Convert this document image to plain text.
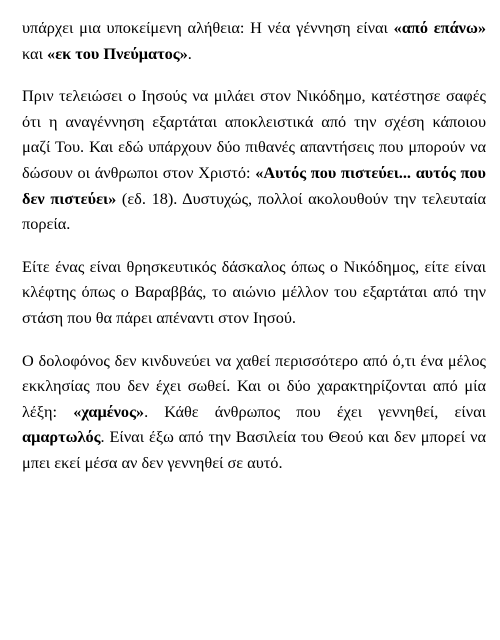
υπάρχει μια υποκείμενη αλήθεια: Η νέα γέννηση είναι «από επάνω» και «εκ του Πνεύματος».

Πριν τελειώσει ο Ιησούς να μιλάει στον Νικόδημο, κατέστησε σαφές ότι η αναγέννηση εξαρτάται αποκλειστικά από την σχέση κάποιου μαζί Του. Και εδώ υπάρχουν δύο πιθανές απαντήσεις που μπορούν να δώσουν οι άνθρωποι στον Χριστό: «Αυτός που πιστεύει... αυτός που δεν πιστεύει» (εδ. 18). Δυστυχώς, πολλοί ακολουθούν την τελευταία πορεία.

Είτε ένας είναι θρησκευτικός δάσκαλος όπως ο Νικόδημος, είτε είναι κλέφτης όπως ο Βαραββάς, το αιώνιο μέλλον του εξαρτάται από την στάση που θα πάρει απέναντι στον Ιησού.

Ο δολοφόνος δεν κινδυνεύει να χαθεί περισσότερο από ό,τι ένα μέλος εκκλησίας που δεν έχει σωθεί. Και οι δύο χαρακτηρίζονται από μία λέξη: «χαμένος». Κάθε άνθρωπος που έχει γεννηθεί, είναι αμαρτωλός. Είναι έξω από την Βασιλεία του Θεού και δεν μπορεί να μπει εκεί μέσα αν δεν γεννηθεί σε αυτό.
